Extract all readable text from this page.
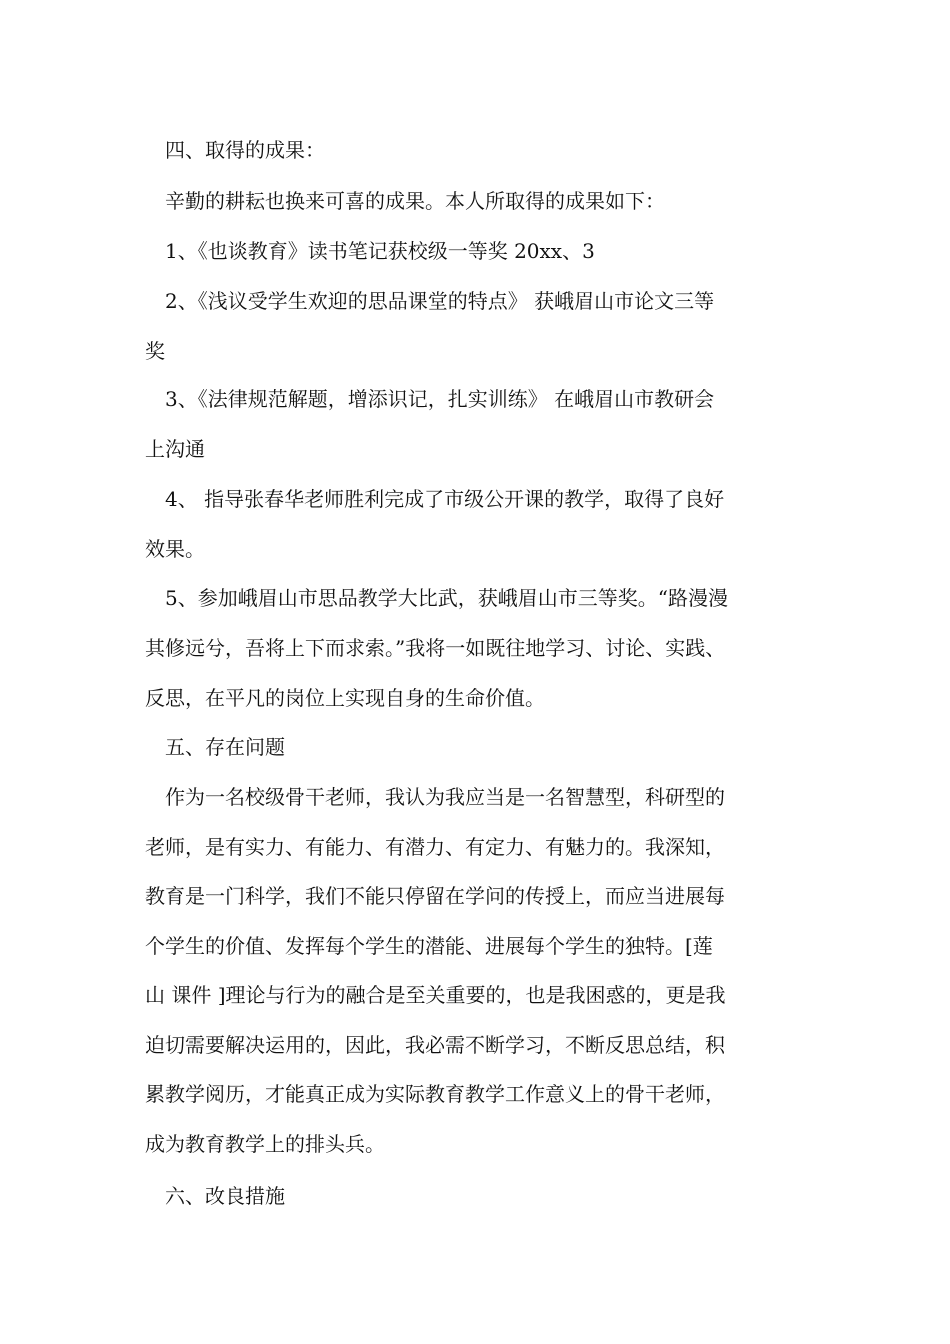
四、取得的成果：
辛勤的耕耘也换来可喜的成果。本人所取得的成果如下：
1、《也谈教育》读书笔记获校级一等奖 20xx、3
2、《浅议受学生欢迎的思品课堂的特点》 获峨眉山市论文三等
奖
3、《法律规范解题，增添识记，扎实训练》 在峨眉山市教研会
上沟通
4、 指导张春华老师胜利完成了市级公开课的教学，取得了良好
效果。
5、参加峨眉山市思品教学大比武，获峨眉山市三等奖。“路漫漫
其修远兮，吾将上下而求索。”我将一如既往地学习、讨论、实践、
反思，在平凡的岗位上实现自身的生命价值。
五、存在问题
作为一名校级骨干老师，我认为我应当是一名智慧型，科研型的
老师，是有实力、有能力、有潜力、有定力、有魅力的。我深知，
教育是一门科学，我们不能只停留在学问的传授上，而应当进展每
个学生的价值、发挥每个学生的潜能、进展每个学生的独特。[莲
山 课件 ]理论与行为的融合是至关重要的，也是我困惑的，更是我
迫切需要解决运用的，因此，我必需不断学习，不断反思总结，积
累教学阅历，才能真正成为实际教育教学工作意义上的骨干老师，
成为教育教学上的排头兵。
六、改良措施
